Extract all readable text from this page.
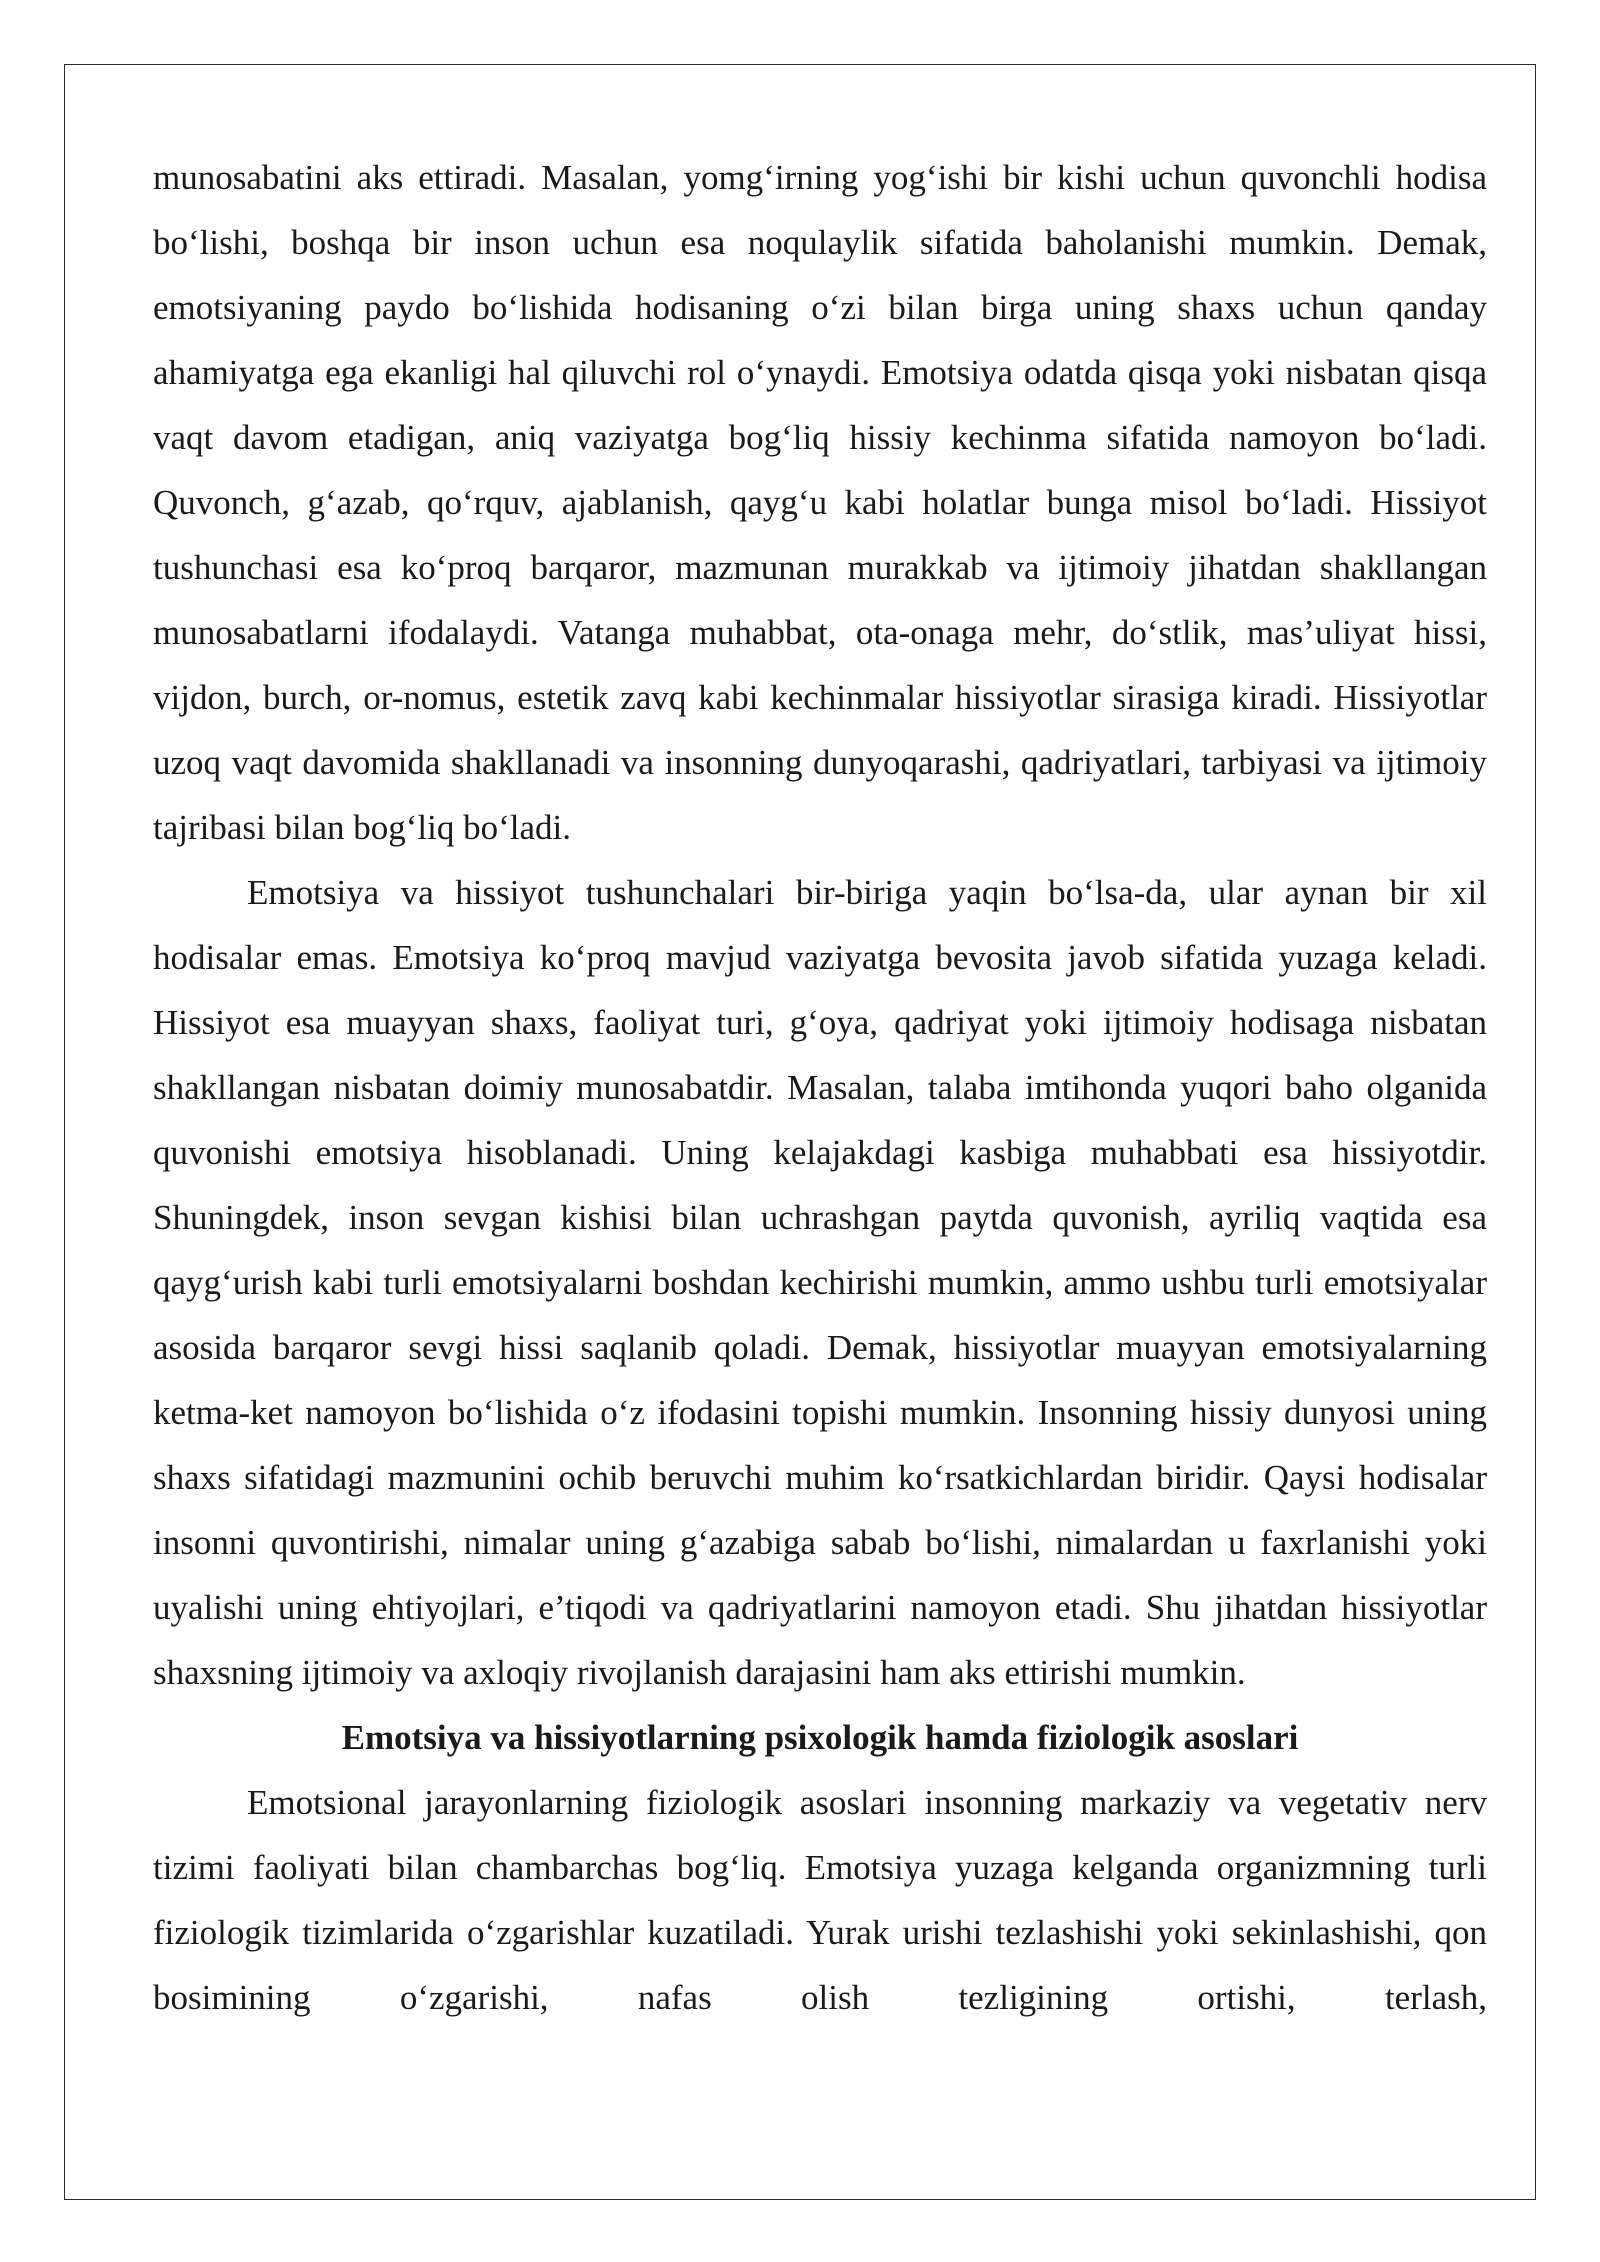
munosabatini aks ettiradi. Masalan, yomg‘irning yog‘ishi bir kishi uchun quvonchli hodisa bo‘lishi, boshqa bir inson uchun esa noqulaylik sifatida baholanishi mumkin. Demak, emotsiyaning paydo bo‘lishida hodisaning o‘zi bilan birga uning shaxs uchun qanday ahamiyatga ega ekanligi hal qiluvchi rol o‘ynaydi. Emotsiya odatda qisqa yoki nisbatan qisqa vaqt davom etadigan, aniq vaziyatga bog‘liq hissiy kechinma sifatida namoyon bo‘ladi. Quvonch, g‘azab, qo‘rquv, ajablanish, qayg‘u kabi holatlar bunga misol bo‘ladi. Hissiyot tushunchasi esa ko‘proq barqaror, mazmunan murakkab va ijtimoiy jihatdan shakllangan munosabatlarni ifodalaydi. Vatanga muhabbat, ota-onaga mehr, do‘stlik, mas’uliyat hissi, vijdon, burch, or-nomus, estetik zavq kabi kechinmalar hissiyotlar sirasiga kiradi. Hissiyotlar uzoq vaqt davomida shakllanadi va insonning dunyoqarashi, qadriyatlari, tarbiyasi va ijtimoiy tajribasi bilan bog‘liq bo‘ladi.

Emotsiya va hissiyot tushunchalari bir-biriga yaqin bo‘lsa-da, ular aynan bir xil hodisalar emas. Emotsiya ko‘proq mavjud vaziyatga bevosita javob sifatida yuzaga keladi. Hissiyot esa muayyan shaxs, faoliyat turi, g‘oya, qadriyat yoki ijtimoiy hodisaga nisbatan shakllangan nisbatan doimiy munosabatdir. Masalan, talaba imtihonda yuqori baho olganida quvonishi emotsiya hisoblanadi. Uning kelajakdagi kasbiga muhabbati esa hissiyotdir. Shuningdek, inson sevgan kishisi bilan uchrashgan paytda quvonish, ayriliq vaqtida esa qayg‘urish kabi turli emotsiyalarni boshdan kechirishi mumkin, ammo ushbu turli emotsiyalar asosida barqaror sevgi hissi saqlanib qoladi. Demak, hissiyotlar muayyan emotsiyalarning ketma-ket namoyon bo‘lishida o‘z ifodasini topishi mumkin. Insonning hissiy dunyosi uning shaxs sifatidagi mazmunini ochib beruvchi muhim ko‘rsatkichlardan biridir. Qaysi hodisalar insonni quvontirishi, nimalar uning g‘azabiga sabab bo‘lishi, nimalardan u faxrlanishi yoki uyalishi uning ehtiyojlari, e’tiqodi va qadriyatlarini namoyon etadi. Shu jihatdan hissiyotlar shaxsning ijtimoiy va axloqiy rivojlanish darajasini ham aks ettirishi mumkin.

Emotsiya va hissiyotlarning psixologik hamda fiziologik asoslari

Emotsional jarayonlarning fiziologik asoslari insonning markaziy va vegetativ nerv tizimi faoliyati bilan chambarchas bog‘liq. Emotsiya yuzaga kelganda organizmning turli fiziologik tizimlarida o‘zgarishlar kuzatiladi. Yurak urishi tezlashishi yoki sekinlashishi, qon bosimining o‘zgarishi, nafas olish tezligining ortishi, terlash,
